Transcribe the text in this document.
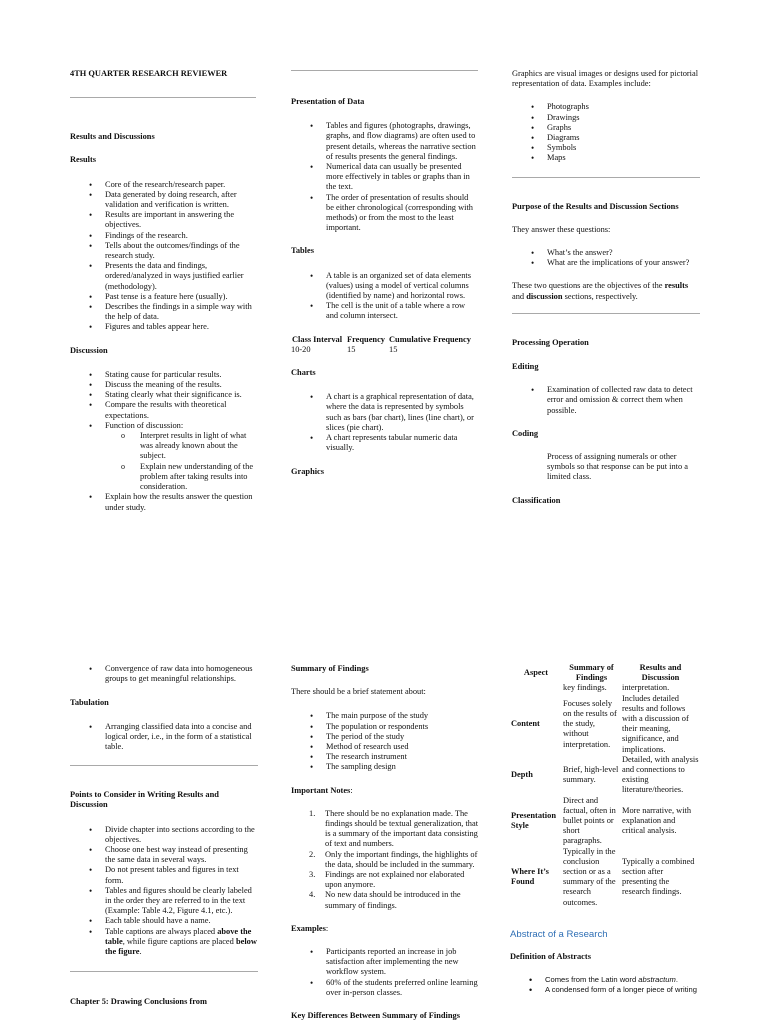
4TH QUARTER RESEARCH REVIEWER

Results and Discussions

Results

• Core of the research/research paper.
• Data generated by doing research, after validation and verification is written.
• Results are important in answering the objectives.
• Findings of the research.
• Tells about the outcomes/findings of the research study.
• Presents the data and findings, ordered/analyzed in ways justified earlier (methodology).
• Past tense is a feature here (usually).
• Describes the findings in a simple way with the help of data.
• Figures and tables appear here.

Discussion

• Stating cause for particular results.
• Discuss the meaning of the results.
• Stating clearly what their significance is.
• Compare the results with theoretical expectations.
• Function of discussion:
o Interpret results in light of what was already known about the subject.
o Explain new understanding of the problem after taking results into consideration.
• Explain how the results answer the question under study.

Presentation of Data

• Tables and figures (photographs, drawings, graphs, and flow diagrams) are often used to present details, whereas the narrative section of results presents the general findings.
• Numerical data can usually be presented more effectively in tables or graphs than in the text.
• The order of presentation of results should be either chronological (corresponding with methods) or from the most to the least important.

Tables

• A table is an organized set of data elements (values) using a model of vertical columns (identified by name) and horizontal rows.
• The cell is the unit of a table where a row and column intersect.
Class Interval Frequency Cumulative Frequency
10-20	15	15

Charts

• A chart is a graphical representation of data, where the data is represented by symbols such as bars (bar chart), lines (line chart), or slices (pie chart).
• A chart represents tabular numeric data visually.

Graphics

Graphics are visual images or designs used for pictorial representation of data. Examples include:

• Photographs
• Drawings
• Graphs
• Diagrams
• Symbols
• Maps

Purpose of the Results and Discussion Sections

They answer these questions:

• What’s the answer?
• What are the implications of your answer?

These two questions are the objectives of the results and discussion sections, respectively.

Processing Operation

Editing

• Examination of collected raw data to detect error and omission & correct them when possible.

Coding

Process of assigning numerals or other symbols so that response can be put into a limited class.

Classification

• Convergence of raw data into homogeneous groups to get meaningful relationships.

Tabulation

• Arranging classified data into a concise and logical order, i.e., in the form of a statistical table.

Points to Consider in Writing Results and Discussion

• Divide chapter into sections according to the objectives.
• Choose one best way instead of presenting the same data in several ways.
• Do not present tables and figures in text form.
• Tables and figures should be clearly labeled in the order they are referred to in the text (Example: Table 4.2, Figure 4.1, etc.).
• Each table should have a name.
• Table captions are always placed above the table, while figure captions are placed below the figure.

Chapter 5: Drawing Conclusions from

Summary of Findings

There should be a brief statement about:

• The main purpose of the study
• The population or respondents
• The period of the study
• Method of research used
• The research instrument
• The sampling design

Important Notes:

1. There should be no explanation made. The findings should be textual generalization, that is a summary of the important data consisting of text and numbers.
2. Only the important findings, the highlights of the data, should be included in the summary.
3. Findings are not explained nor elaborated upon anymore.
4. No new data should be introduced in the summary of findings.

Examples:

• Participants reported an increase in job satisfaction after implementing the new workflow system.
• 60% of the students preferred online learning over in-person classes.

Key Differences Between Summary of Findings

Aspect	Summary of Findings	Results and Discussion
	key findings.	interpretation.
Content	Focuses solely on the results of the study, without interpretation.	Includes detailed results and follows with a discussion of their meaning, significance, and implications.
Depth	Brief, high-level summary.	Detailed, with analysis and connections to existing literature/theories.
Presentation Style	Direct and factual, often in bullet points or short paragraphs.	More narrative, with explanation and critical analysis.
Where It’s Found	Typically in the conclusion section or as a summary of the research outcomes.	Typically a combined section after presenting the research findings.

Abstract of a Research

Definition of Abstracts

• Comes from the Latin word abstractum.
• A condensed form of a longer piece of writing
